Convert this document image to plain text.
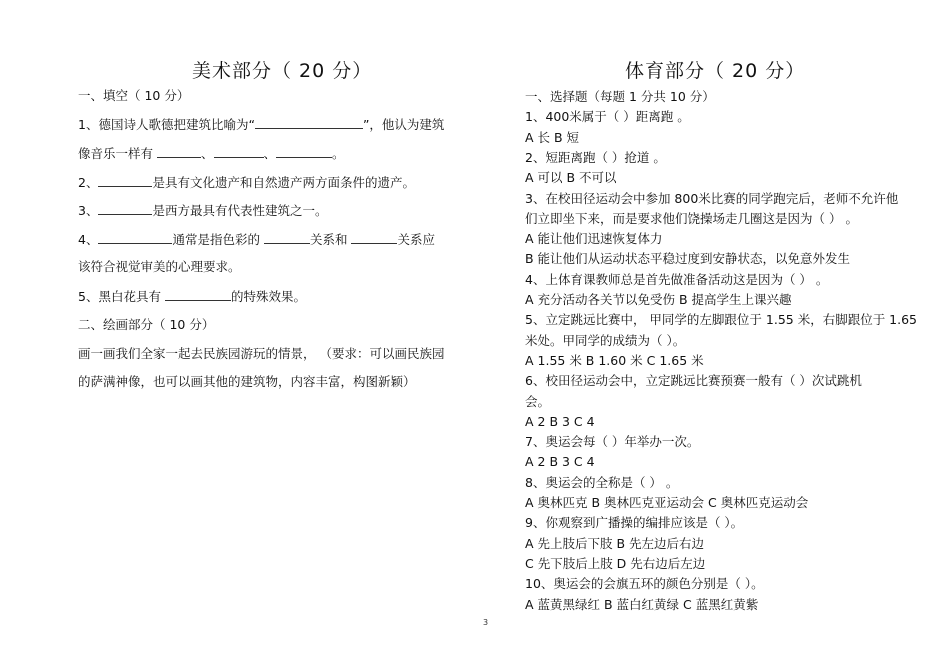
美术部分（ 20 分）
一、填空（ 10 分）
1、德国诗人歌德把建筑比喻为“	”，他认为建筑
像音乐一样有	、	、	。
2、	是具有文化遗产和自然遗产两方面条件的遗产。
3、	是西方最具有代表性建筑之一。
4、	通常是指色彩的	关系和	关系应
该符合视觉审美的心理要求。
5、黑白花具有	的特殊效果。
二、绘画部分（ 10 分）
画一画我们全家一起去民族园游玩的情景， （要求：可以画民族园
的萨满神像，也可以画其他的建筑物，内容丰富，构图新颖）
体育部分（ 20 分）
一、选择题（每题 1 分共 10 分）
1、400米属于（ ）距离跑 。
A 长 B 短
2、短距离跑（ ）抢道 。
A 可以 B 不可以
3、在校田径运动会中参加 800米比赛的同学跑完后，老师不允许他
们立即坐下来，而是要求他们饶操场走几圈这是因为（ ） 。
A 能让他们迅速恢复体力
B 能让他们从运动状态平稳过度到安静状态，以免意外发生
4、上体育课教师总是首先做准备活动这是因为（ ） 。
A 充分活动各关节以免受伤 B 提高学生上课兴趣
5、立定跳远比赛中， 甲同学的左脚跟位于 1.55 米，右脚跟位于 1.65
米处。甲同学的成绩为（ ）。
A 1.55 米 B 1.60 米 C 1.65 米
6、校田径运动会中，立定跳远比赛预赛一般有（ ）次试跳机
会。
A 2 B 3 C 4
7、奥运会每（ ）年举办一次。
A 2 B 3 C 4
8、奥运会的全称是（ ） 。
A 奥林匹克 B 奥林匹克亚运动会 C 奥林匹克运动会
9、你观察到广播操的编排应该是（ ）。
A 先上肢后下肢 B 先左边后右边
C 先下肢后上肢 D 先右边后左边
10、奥运会的会旗五环的颜色分别是（ ）。
A 蓝黄黑绿红 B 蓝白红黄绿 C 蓝黑红黄紫
3
